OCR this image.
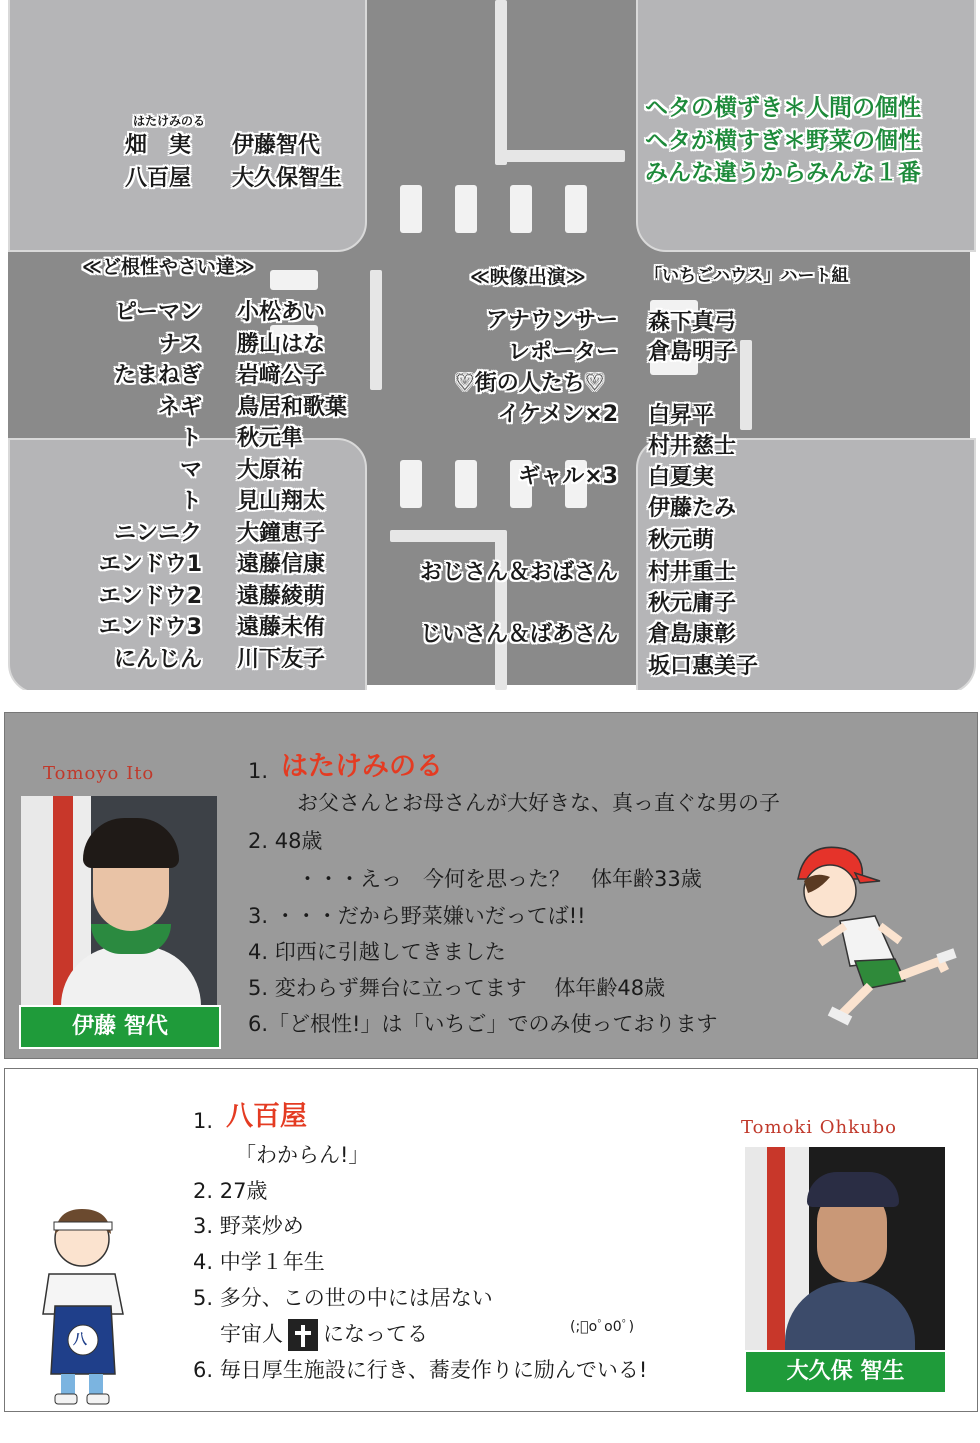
はたけみのる
畑　実 伊藤智代
八百屋 大久保智生
ヘタの横ずき＊人間の個性
ヘタが横すぎ＊野菜の個性
みんな違うからみんな１番
≪ど根性やさい達≫	≪映像出演≫	「いちごハウス」ハート組
ピーマン 小松あい
ナス 勝山はな
たまねぎ 岩﨑公子
ネギ 鳥居和歌葉
ト 秋元隼
マ 大原祐
ト 見山翔太
ニンニク 大鐘恵子
エンドウ1 遠藤信康
エンドウ2 遠藤綾萌
エンドウ3 遠藤未侑
にんじん 川下友子
アナウンサー
レポーター
♡街の人たち♡
イケメン×2
ギャル×3
おじさん＆おばさん
じいさん＆ばあさん
森下真弓
倉島明子
白昇平
村井慈士
白夏実
伊藤たみ
秋元萌
村井重士
秋元庸子
倉島康彰
坂口惠美子
Tomoyo Ito
伊藤 智代
1. はたけみのる
お父さんとお母さんが大好きな、真っ直ぐな男の子
2. 48歳
・・・えっ　今何を思った？　体年齢33歳
3. ・・・だから野菜嫌いだってば!!
4. 印西に引越してきました
5. 変わらず舞台に立ってます　 体年齢48歳
6.「ど根性!」は「いちご」でのみ使っております
1. 八百屋
「わからん!」
2. 27歳
3. 野菜炒め
4. 中学１年生
5. 多分、この世の中には居ない
宇宙人 になってる
6. 毎日厚生施設に行き、蕎麦作りに励んでいる!
(;ﾟoﾟo0ﾟ)
八
Tomoki Ohkubo
大久保 智生
